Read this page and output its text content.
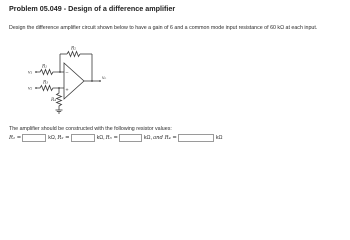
Problem 05.049 - Design of a difference amplifier
Design the difference amplifier circuit shown below to have a gain of 6 and a common mode input resistance of 60 kΩ at each input.
−
+
v₁
v₂
vₒ
R₁
R₂
R₃
R₄
The amplifier should be constructed with the following resistor values:
R₁ =	kΩ, R₂ =	kΩ, R₃ =	kΩ, and R₄ =	kΩ
